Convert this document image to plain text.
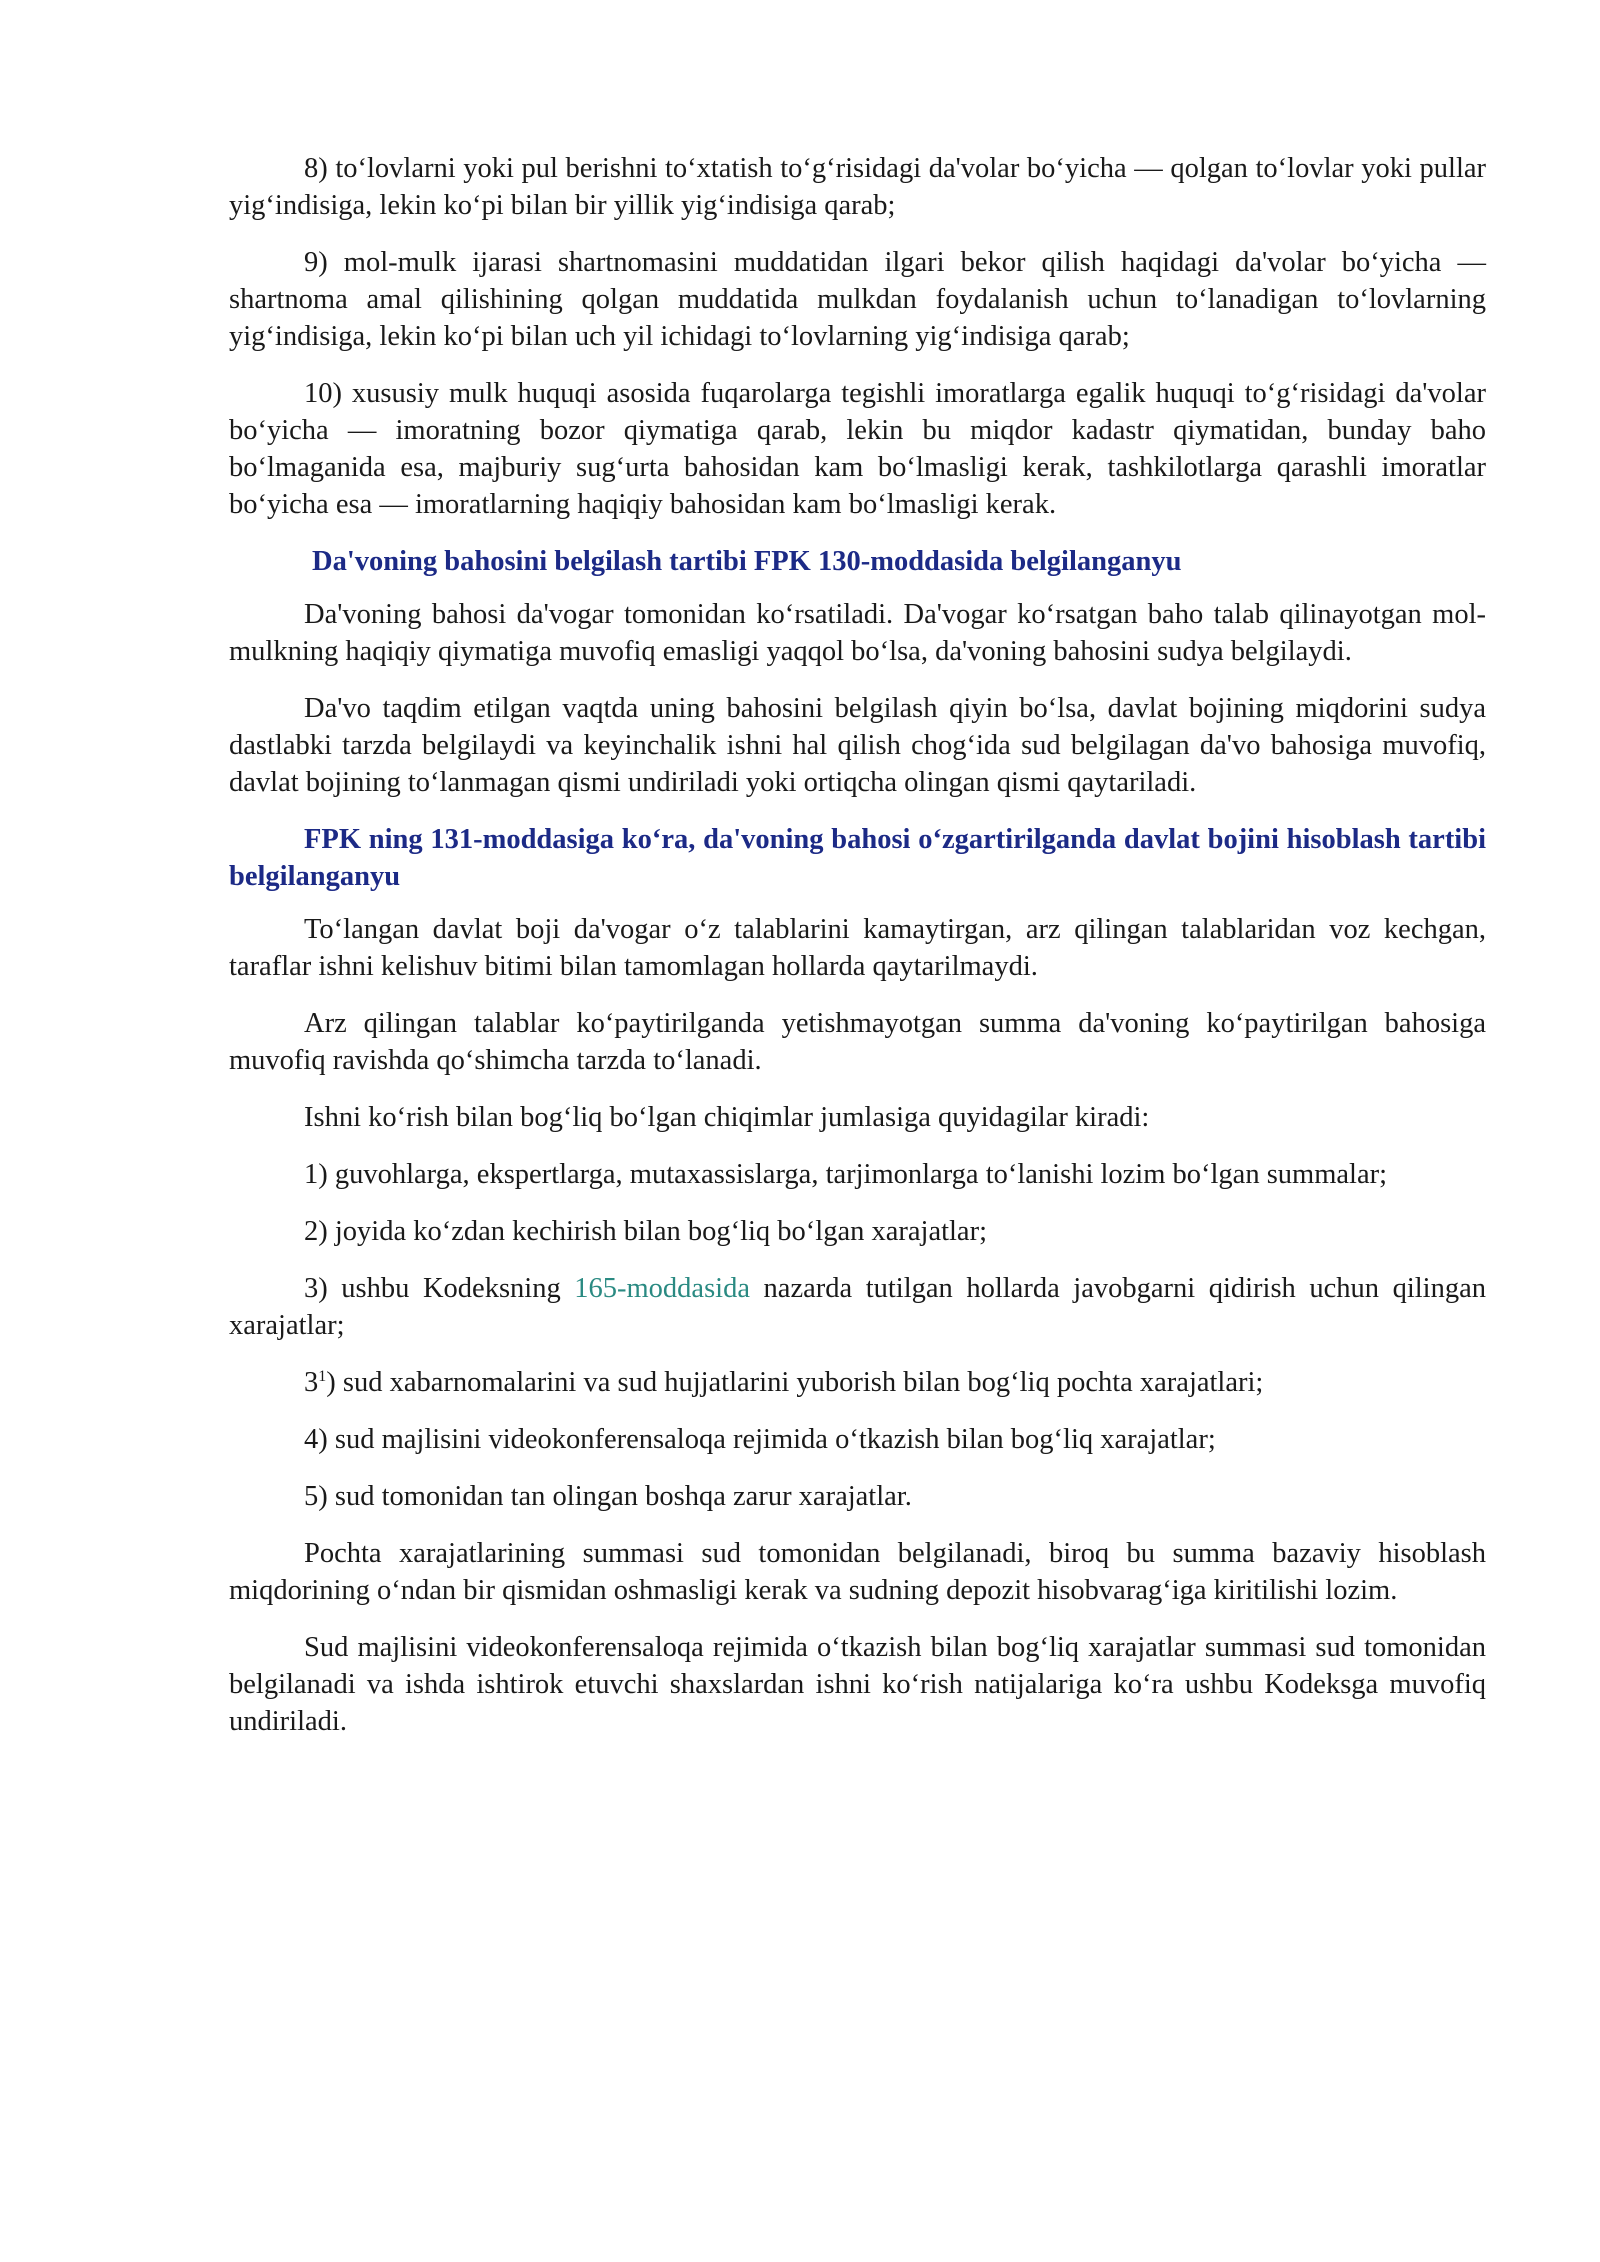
8) to‘lovlarni yoki pul berishni to‘xtatish to‘g‘risidagi da'volar bo‘yicha — qolgan to‘lovlar yoki pullar yig‘indisiga, lekin ko‘pi bilan bir yillik yig‘indisiga qarab;

9) mol-mulk ijarasi shartnomasini muddatidan ilgari bekor qilish haqidagi da'volar bo‘yicha — shartnoma amal qilishining qolgan muddatida mulkdan foydalanish uchun to‘lanadigan to‘lovlarning yig‘indisiga, lekin ko‘pi bilan uch yil ichidagi to‘lovlarning yig‘indisiga qarab;

10) xususiy mulk huquqi asosida fuqarolarga tegishli imoratlarga egalik huquqi to‘g‘risidagi da'volar bo‘yicha — imoratning bozor qiymatiga qarab, lekin bu miqdor kadastr qiymatidan, bunday baho bo‘lmaganida esa, majburiy sug‘urta bahosidan kam bo‘lmasligi kerak, tashkilotlarga qarashli imoratlar bo‘yicha esa — imoratlarning haqiqiy bahosidan kam bo‘lmasligi kerak.

Da'voning bahosini belgilash tartibi FPK 130-moddasida belgilanganyu

Da'voning bahosi da'vogar tomonidan ko‘rsatiladi. Da'vogar ko‘rsatgan baho talab qilinayotgan mol-mulkning haqiqiy qiymatiga muvofiq emasligi yaqqol bo‘lsa, da'voning bahosini sudya belgilaydi.

Da'vo taqdim etilgan vaqtda uning bahosini belgilash qiyin bo‘lsa, davlat bojining miqdorini sudya dastlabki tarzda belgilaydi va keyinchalik ishni hal qilish chog‘ida sud belgilagan da'vo bahosiga muvofiq, davlat bojining to‘lanmagan qismi undiriladi yoki ortiqcha olingan qismi qaytariladi.

FPK ning 131-moddasiga ko‘ra, da'voning bahosi o‘zgartirilganda davlat bojini hisoblash tartibi belgilanganyu

To‘langan davlat boji da'vogar o‘z talablarini kamaytirgan, arz qilingan talablaridan voz kechgan, taraflar ishni kelishuv bitimi bilan tamomlagan hollarda qaytarilmaydi.

Arz qilingan talablar ko‘paytirilganda yetishmayotgan summa da'voning ko‘paytirilgan bahosiga muvofiq ravishda qo‘shimcha tarzda to‘lanadi.

Ishni ko‘rish bilan bog‘liq bo‘lgan chiqimlar jumlasiga quyidagilar kiradi:

1) guvohlarga, ekspertlarga, mutaxassislarga, tarjimonlarga to‘lanishi lozim bo‘lgan summalar;

2) joyida ko‘zdan kechirish bilan bog‘liq bo‘lgan xarajatlar;

3) ushbu Kodeksning 165-moddasida nazarda tutilgan hollarda javobgarni qidirish uchun qilingan xarajatlar;

$3^1$) sud xabarnomalarini va sud hujjatlarini yuborish bilan bog‘liq pochta xarajatlari;

4) sud majlisini videokonferensaloqa rejimida o‘tkazish bilan bog‘liq xarajatlar;

5) sud tomonidan tan olingan boshqa zarur xarajatlar.

Pochta xarajatlarining summasi sud tomonidan belgilanadi, biroq bu summa bazaviy hisoblash miqdorining o‘ndan bir qismidan oshmasligi kerak va sudning depozit hisobvarag‘iga kiritilishi lozim.

Sud majlisini videokonferensaloqa rejimida o‘tkazish bilan bog‘liq xarajatlar summasi sud tomonidan belgilanadi va ishda ishtirok etuvchi shaxslardan ishni ko‘rish natijalariga ko‘ra ushbu Kodeksga muvofiq undiriladi.
